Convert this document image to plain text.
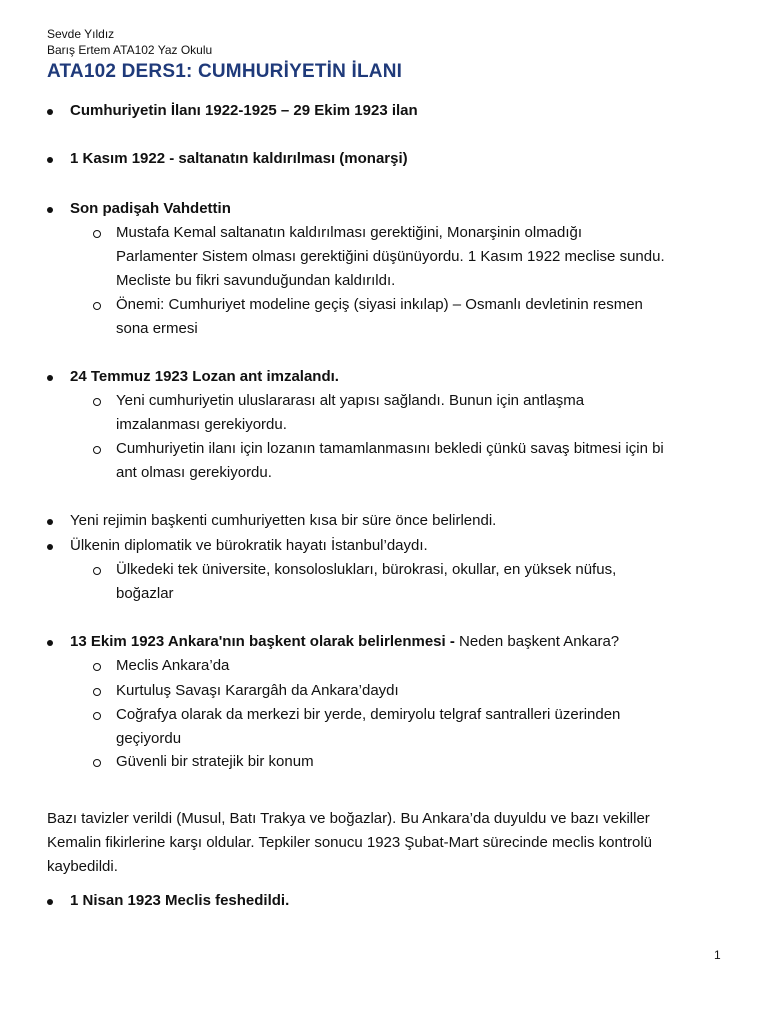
Sevde Yıldız
Barış Ertem ATA102 Yaz Okulu
ATA102 DERS1: CUMHURİYETİN İLANI
Cumhuriyetin İlanı 1922-1925 – 29 Ekim 1923 ilan
1 Kasım 1922 - saltanatın kaldırılması (monarşi)
Son padişah Vahdettin
Mustafa Kemal saltanatın kaldırılması gerektiğini, Monarşinin olmadığı
Parlamenter Sistem olması gerektiğini düşünüyordu. 1 Kasım 1922 meclise sundu.
Mecliste bu fikri savunduğundan kaldırıldı.
Önemi: Cumhuriyet modeline geçiş (siyasi inkılap) – Osmanlı devletinin resmen
sona ermesi
24 Temmuz 1923 Lozan ant imzalandı.
Yeni cumhuriyetin uluslararası alt yapısı sağlandı. Bunun için antlaşma
imzalanması gerekiyordu.
Cumhuriyetin ilanı için lozanın tamamlanmasını bekledi çünkü savaş bitmesi için bi
ant olması gerekiyordu.
Yeni rejimin başkenti cumhuriyetten kısa bir süre önce belirlendi.
Ülkenin diplomatik ve bürokratik hayatı İstanbul’daydı.
Ülkedeki tek üniversite, konsoloslukları, bürokrasi, okullar, en yüksek nüfus,
boğazlar
13 Ekim 1923 Ankara'nın başkent olarak belirlenmesi - Neden başkent Ankara?
Meclis Ankara’da
Kurtuluş Savaşı Karargâh da Ankara’daydı
Coğrafya olarak da merkezi bir yerde, demiryolu telgraf santralleri üzerinden
geçiyordu
Güvenli bir stratejik bir konum
Bazı tavizler verildi (Musul, Batı Trakya ve boğazlar). Bu Ankara’da duyuldu ve bazı vekiller
Kemalin fikirlerine karşı oldular. Tepkiler sonucu 1923 Şubat-Mart sürecinde meclis kontrolü
kaybedildi.
1 Nisan 1923 Meclis feshedildi.
1
